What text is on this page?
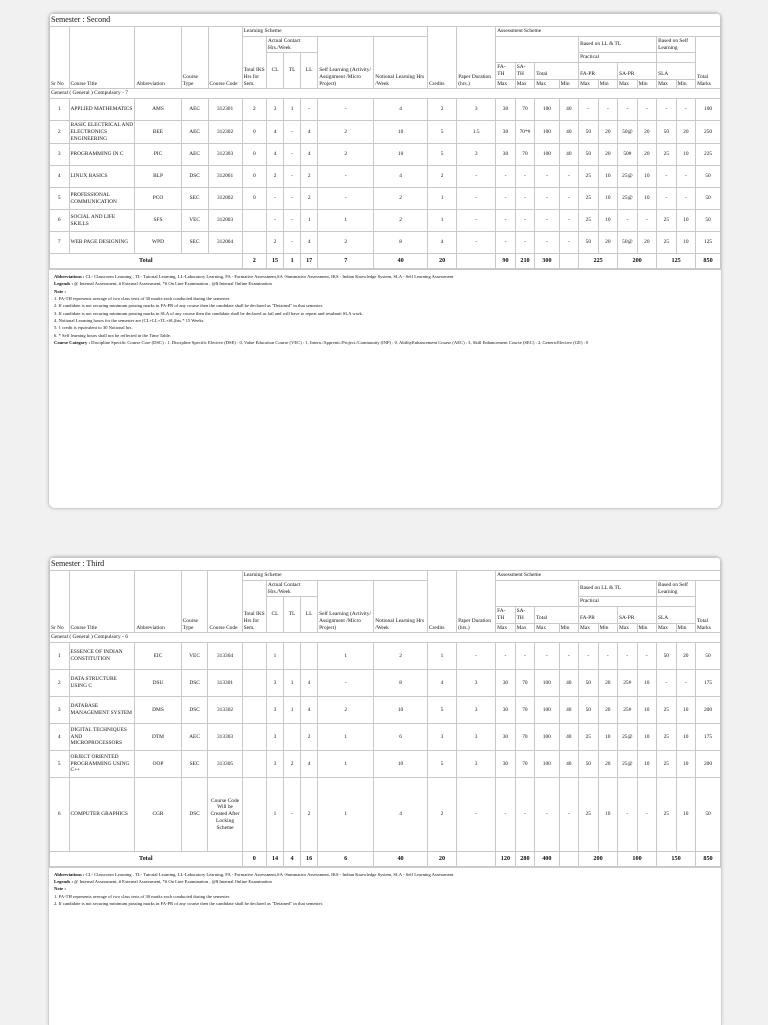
Semester : Second																							
Sr No	Course Title	Abbreviation	Course Type	Course Code	Learning Scheme						Credits	Paper Duration (hrs.)	Assessment Scheme										
					Total IKS Hrs for Sem.	Actual Contact Hrs./Week			Self Learning (Activity/ Assignment /Micro Project)	Notional Learning Hrs /Week							Based on LL & TL				Based on Self Learning		Total Marks
						CL	TL	LL									Practical						
													FA- TH	SA- TH	Total		FA-PR		SA-PR		SLA		
													Max	Max	Max	Min	Max	Min	Max	Min	Max	Min	
General ( General ) Compulsory - 7																							
1	APPLIED MATHEMATICS	AMS	AEC	312301	2	3	1	-	-	4	2	3	30	70	100	40	-	-	-	-	-	-	100
2	BASIC ELECTRICAL AND ELECTRONICS ENGINEERING	BEE	AEC	312302	0	4	-	4	2	10	5	1.5	30	70*#	100	40	50	20	50@	20	50	20	250
3	PROGRAMMING IN C	PIC	AEC	312303	0	4	-	4	2	10	5	3	30	70	100	40	50	20	50#	20	25	10	225
4	LINUX BASICS	BLP	DSC	312001	0	2	-	2	-	4	2	-	-	-	-	-	25	10	25@	10	-	-	50
5	PROFESSIONAL COMMUNICATION	PCO	SEC	312002	0	-	-	2	-	2	1	-	-	-	-	-	25	10	25@	10	-	-	50
6	SOCIAL AND LIFE SKILLS	SFS	VEC	312003		-	-	1	1	2	1	-	-	-	-	-	25	10	-	-	25	10	50
7	WEB PAGE DESIGNING	WPD	SEC	312004		2	-	4	2	8	4	-	-	-	-	-	50	20	50@	20	25	10	125
Total					2	15	1	17	7	40	20		90	210	300		225		200		125		850
Abbreviations : CL- Classroom Learning , TL- Tutorial Learning, LL-Laboratory Learning, FA - Formative Assessment,SA -Summative Assessment, IKS - Indian Knowledge System, SLA - Self Learning Assessment
Legends : @ Internal Assessment, # External Assessment, *# On Line Examination , @$ Internal Online Examination
Note :
1. FA-TH represents average of two class tests of 30 marks each conducted during the semester.
2. If candidate is not securing minimum passing marks in FA-PR of any course then the candidate shall be declared as "Detained" in that semester.
3. If candidate is not securing minimum passing marks in SLA of any course then the candidate shall be declared as fail and will have to repeat and resubmit SLA work.
4. Notional Learning hours for the semester are (CL+LL+TL+SL)hrs.* 15 Weeks
5. 1 credit is equivalent to 30 Notional hrs.
6. * Self learning hours shall not be reflected in the Time Table.
Course Category : Discipline Specific Course Core (DSC) : 1, Discipline Specific Elective (DSE) : 0, Value Education Course (VEC) : 1, Intern./Apprenti./Project./Community (INP) : 0, AbilityEnhancement Course (AEC) : 3, Skill Enhancement Course (SEC) : 2, GenericElective (GE) : 0
Semester : Third																							
Sr No	Course Title	Abbreviation	Course Type	Course Code	Learning Scheme						Credits	Paper Duration (hrs.)	Assessment Scheme										
					Total IKS Hrs for Sem.	Actual Contact Hrs./Week			Self Learning (Activity/ Assignment /Micro Project)	Notional Learning Hrs /Week							Based on LL & TL				Based on Self Learning		Total Marks
						CL	TL	LL									Practical						
													FA- TH	SA- TH	Total		FA-PR		SA-PR		SLA		
													Max	Max	Max	Min	Max	Min	Max	Min	Max	Min	
General ( General ) Compulsory - 6																							
1	ESSENCE OF INDIAN CONSTITUTION	EIC	VEC	313304		1			1	2	1	-	-	-	-	-	-	-	-	-	50	20	50
2	DATA STRUCTURE USING C	DSU	DSC	313301		3	1	4	-	8	4	3	30	70	100	40	50	20	25#	10	-	-	175
3	DATABASE MANAGEMENT SYSTEM	DMS	DSC	313302		3	1	4	2	10	5	3	30	70	100	40	50	20	25#	10	25	10	200
4	DIGITAL TECHNIQUES AND MICROPROCESSORS	DTM	AEC	313303		3		2	1	6	3	3	30	70	100	40	25	10	25@	10	25	10	175
5	OBJECT ORIENTED PROGRAMMING USING C++	OOP	SEC	313305		3	2	4	1	10	5	3	30	70	100	40	50	20	25@	10	25	10	200
6	COMPUTER GRAPHICS	CGR	DSC	Course Code Will be Created After Locking Scheme		1	-	2	1	4	2	-	-	-	-	-	25	10	-	-	25	10	50
Total					0	14	4	16	6	40	20		120	280	400		200		100		150		850
Abbreviations : CL- Classroom Learning , TL- Tutorial Learning, LL-Laboratory Learning, FA - Formative Assessment,SA -Summative Assessment, IKS - Indian Knowledge System, SLA - Self Learning Assessment
Legends : @ Internal Assessment, # External Assessment, *# On Line Examination , @$ Internal Online Examination
Note :
1. FA-TH represents average of two class tests of 30 marks each conducted during the semester.
2. If candidate is not securing minimum passing marks in FA-PR of any course then the candidate shall be declared as "Detained" in that semester.
